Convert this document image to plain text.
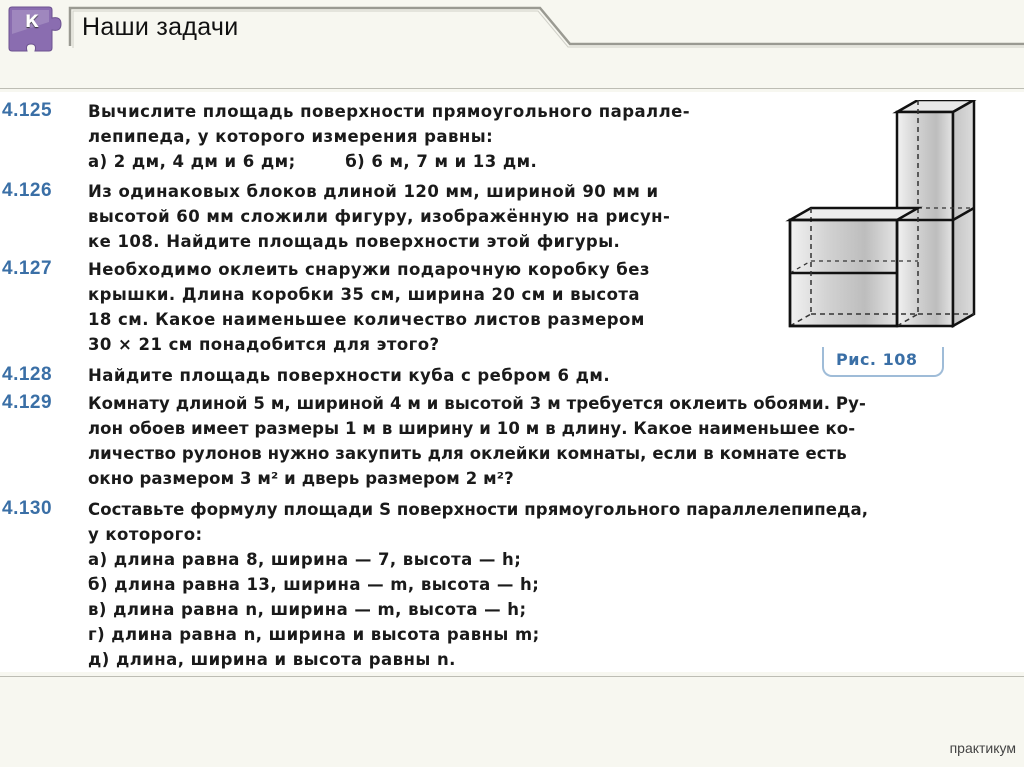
К Наши задачи
4.125 Вычислите площадь поверхности прямоугольного паралле-
лепипеда, у которого измерения равны:
а) 2 дм, 4 дм и 6 дм;        б) 6 м, 7 м и 13 дм.
4.126 Из одинаковых блоков длиной 120 мм, шириной 90 мм и
высотой 60 мм сложили фигуру, изображённую на рисун-
ке 108. Найдите площадь поверхности этой фигуры.
4.127 Необходимо оклеить снаружи подарочную коробку без
крышки. Длина коробки 35 см, ширина 20 см и высота
18 см. Какое наименьшее количество листов размером
30 × 21 см понадобится для этого?
4.128 Найдите площадь поверхности куба с ребром 6 дм.
4.129 Комнату длиной 5 м, шириной 4 м и высотой 3 м требуется оклеить обоями. Ру-
лон обоев имеет размеры 1 м в ширину и 10 м в длину. Какое наименьшее ко-
личество рулонов нужно закупить для оклейки комнаты, если в комнате есть
окно размером 3 м² и дверь размером 2 м²?
4.130 Составьте формулу площади S поверхности прямоугольного параллелепипеда,
у которого:
а) длина равна 8, ширина — 7, высота — h;
б) длина равна 13, ширина — m, высота — h;
в) длина равна n, ширина — m, высота — h;
г) длина равна n, ширина и высота равны m;
д) длина, ширина и высота равны n.
Рис. 108
практикум
